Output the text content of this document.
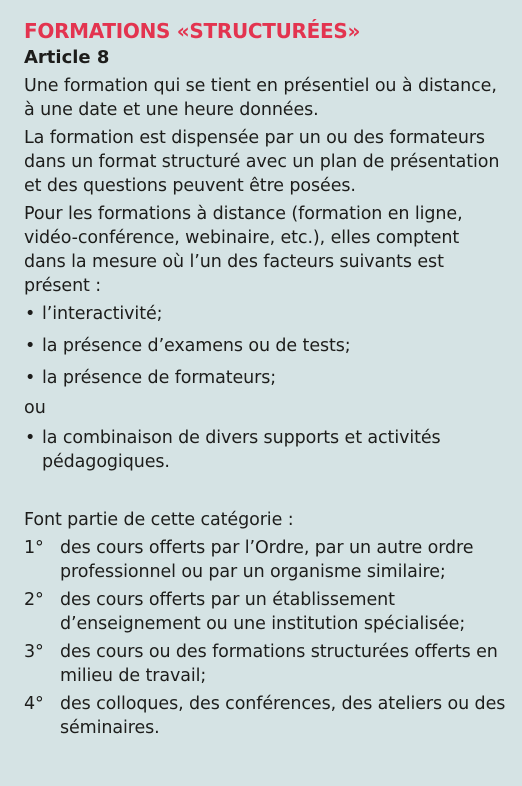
FORMATIONS «STRUCTURÉES»
Article 8

Une formation qui se tient en présentiel ou à distance, à une date et une heure données.

La formation est dispensée par un ou des formateurs dans un format structuré avec un plan de présentation et des questions peuvent être posées.

Pour les formations à distance (formation en ligne, vidéo-conférence, webinaire, etc.), elles comptent dans la mesure où l’un des facteurs suivants est présent :

• l’interactivité;
• la présence d’examens ou de tests;
• la présence de formateurs;
ou
• la combinaison de divers supports et activités pédagogiques.

Font partie de cette catégorie :

1° des cours offerts par l’Ordre, par un autre ordre professionnel ou par un organisme similaire;
2° des cours offerts par un établissement d’enseignement ou une institution spécialisée;
3° des cours ou des formations structurées offerts en milieu de travail;
4° des colloques, des conférences, des ateliers ou des séminaires.
